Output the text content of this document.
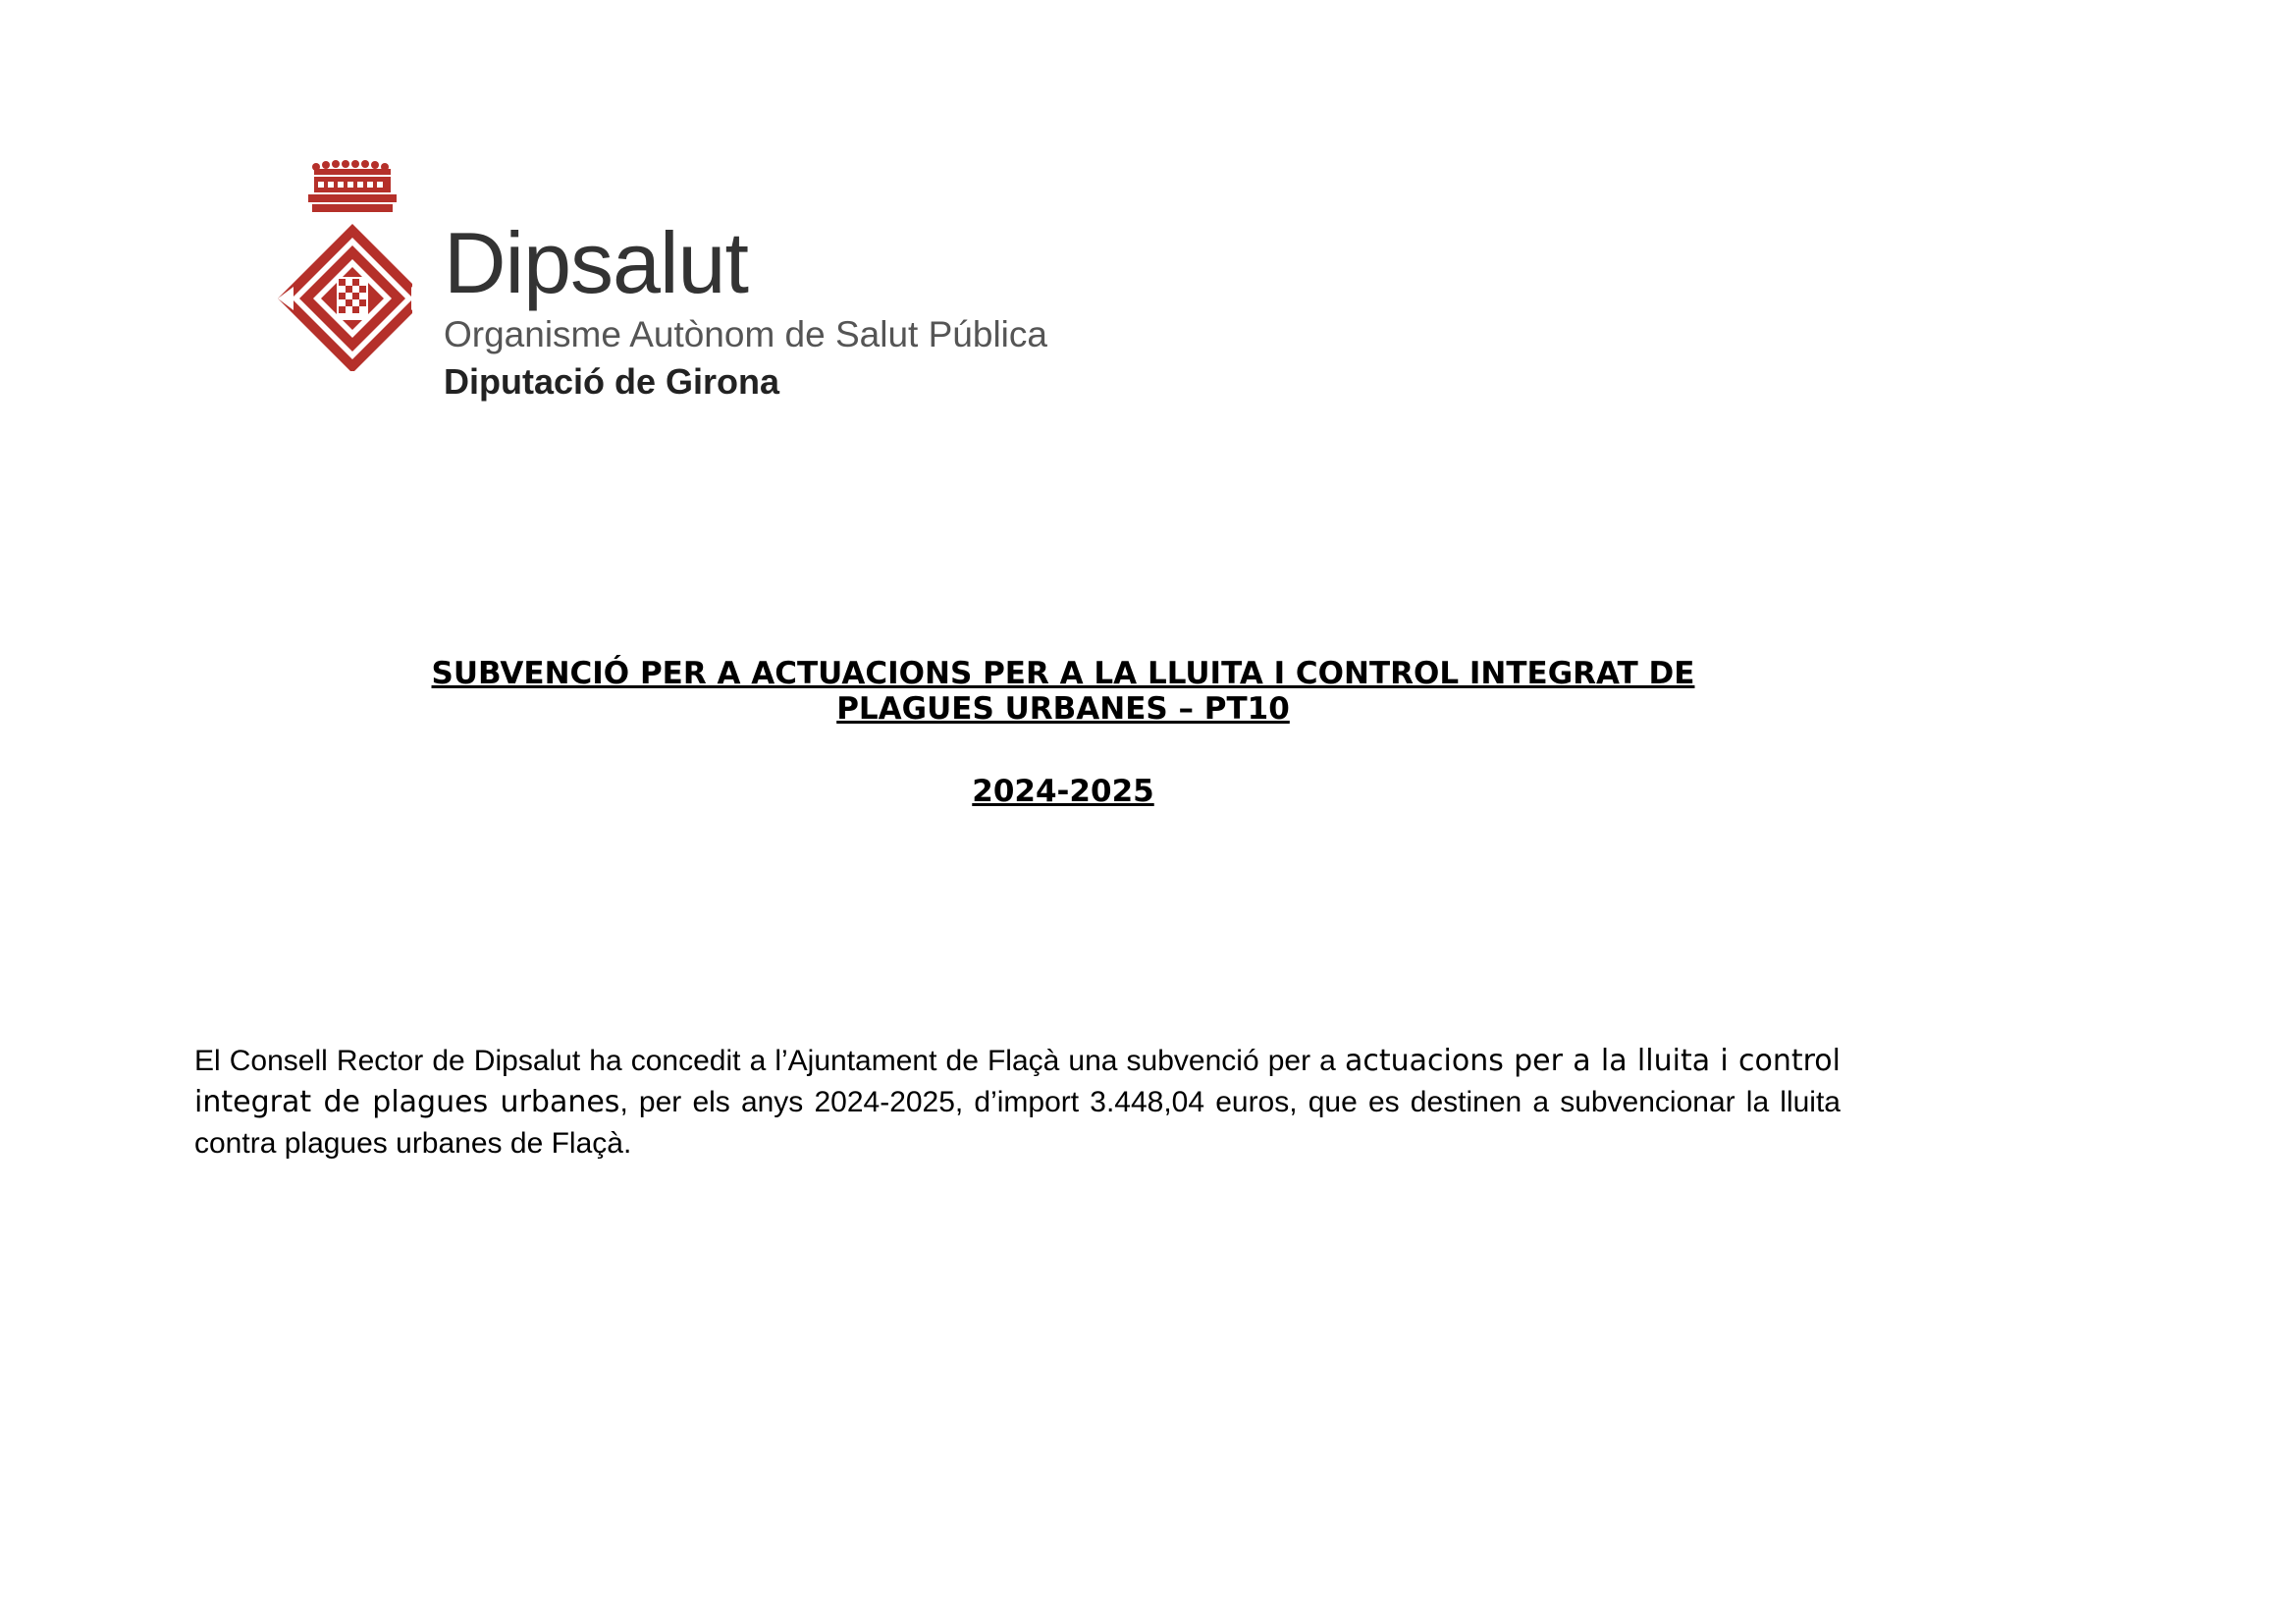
Dipsalut
Organisme Autònom de Salut Pública
Diputació de Girona
SUBVENCIÓ PER A ACTUACIONS PER A LA LLUITA I CONTROL INTEGRAT DE
PLAGUES URBANES – PT10
2024-2025
El Consell Rector de Dipsalut ha concedit a l’Ajuntament de Flaçà una subvenció per a actuacions per a la lluita i control integrat de plagues urbanes, per els anys 2024-2025, d’import 3.448,04 euros, que es destinen a subvencionar la lluita contra plagues urbanes de Flaçà.
